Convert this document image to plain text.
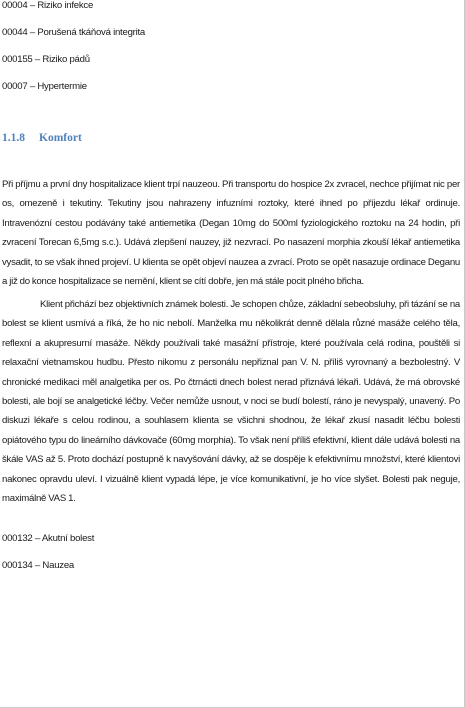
00004 – Riziko infekce

00044 – Porušená tkáňová integrita

000155 – Riziko pádů

00007 – Hypertermie

1.1.8 Komfort

Při příjmu a první dny hospitalizace klient trpí nauzeou. Při transportu do hospice 2x zvracel, nechce přijímat nic per os, omezeně i tekutiny. Tekutiny jsou nahrazeny infuzními roztoky, které ihned po příjezdu lékař ordinuje. Intravenózní cestou podávány také antiemetika (Degan 10mg do 500ml fyziologického roztoku na 24 hodin, při zvracení Torecan 6,5mg s.c.). Udává zlepšení nauzey, již nezvrací. Po nasazení morphia zkouší lékař antiemetika vysadit, to se však ihned projeví. U klienta se opět objeví nauzea a zvrací. Proto se opět nasazuje ordinace Deganu a již do konce hospitalizace se nemění, klient se cítí dobře, jen má stále pocit plného břicha.

Klient přichází bez objektivních známek bolesti. Je schopen chůze, základní sebeobsluhy, při tázání se na bolest se klient usmívá a říká, že ho nic nebolí. Manželka mu několikrát denně dělala různé masáže celého těla, reflexní a akupresurní masáže. Někdy používali také masážní přístroje, které používala celá rodina, pouštěli si relaxační vietnamskou hudbu. Přesto nikomu z personálu nepřiznal pan V. N. příliš vyrovnaný a bezbolestný. V chronické medikaci měl analgetika per os. Po čtrnácti dnech bolest nerad přiznává lékaři. Udává, že má obrovské bolesti, ale bojí se analgetické léčby. Večer nemůže usnout, v noci se budí bolestí, ráno je nevyspalý, unavený. Po diskuzi lékaře s celou rodinou, a souhlasem klienta se všichni shodnou, že lékař zkusí nasadit léčbu bolesti opiátového typu do lineárního dávkovače (60mg morphia). To však není příliš efektivní, klient dále udává bolesti na škále VAS až 5. Proto dochází postupně k navyšování dávky, až se dospěje k efektivnímu množství, které klientovi nakonec opravdu uleví. I vizuálně klient vypadá lépe, je více komunikativní, je ho více slyšet. Bolesti pak neguje, maximálně VAS 1.

000132 – Akutní bolest

000134 – Nauzea
